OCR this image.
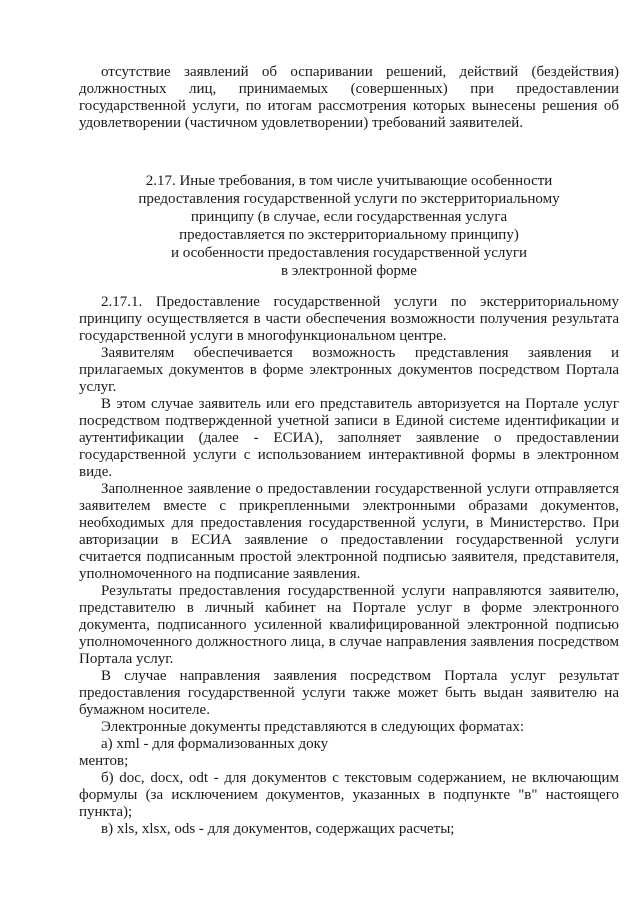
отсутствие заявлений об оспаривании решений, действий (бездействия) должностных лиц, принимаемых (совершенных) при предоставлении государственной услуги, по итогам рассмотрения которых вынесены решения об удовлетворении (частичном удовлетворении) требований заявителей.

2.17. Иные требования, в том числе учитывающие особенности
предоставления государственной услуги по экстерриториальному
принципу (в случае, если государственная услуга
предоставляется по экстерриториальному принципу)
и особенности предоставления государственной услуги
в электронной форме

2.17.1. Предоставление государственной услуги по экстерриториальному принципу осуществляется в части обеспечения возможности получения результата государственной услуги в многофункциональном центре.

Заявителям обеспечивается возможность представления заявления и прилагаемых документов в форме электронных документов посредством Портала услуг.

В этом случае заявитель или его представитель авторизуется на Портале услуг посредством подтвержденной учетной записи в Единой системе идентификации и аутентификации (далее - ЕСИА), заполняет заявление о предоставлении государственной услуги с использованием интерактивной формы в электронном виде.

Заполненное заявление о предоставлении государственной услуги отправляется заявителем вместе с прикрепленными электронными образами документов, необходимых для предоставления государственной услуги, в Министерство. При авторизации в ЕСИА заявление о предоставлении государственной услуги считается подписанным простой электронной подписью заявителя, представителя, уполномоченного на подписание заявления.

Результаты предоставления государственной услуги направляются заявителю, представителю в личный кабинет на Портале услуг в форме электронного документа, подписанного усиленной квалифицированной электронной подписью уполномоченного должностного лица, в случае направления заявления посредством Портала услуг.

В случае направления заявления посредством Портала услуг результат предоставления государственной услуги также может быть выдан заявителю на бумажном носителе.

Электронные документы представляются в следующих форматах:

а) xml - для формализованных доку

ментов;

б) doc, docx, odt - для документов с текстовым содержанием, не включающим формулы (за исключением документов, указанных в подпункте "в" настоящего пункта);

в) xls, xlsx, ods - для документов, содержащих расчеты;
